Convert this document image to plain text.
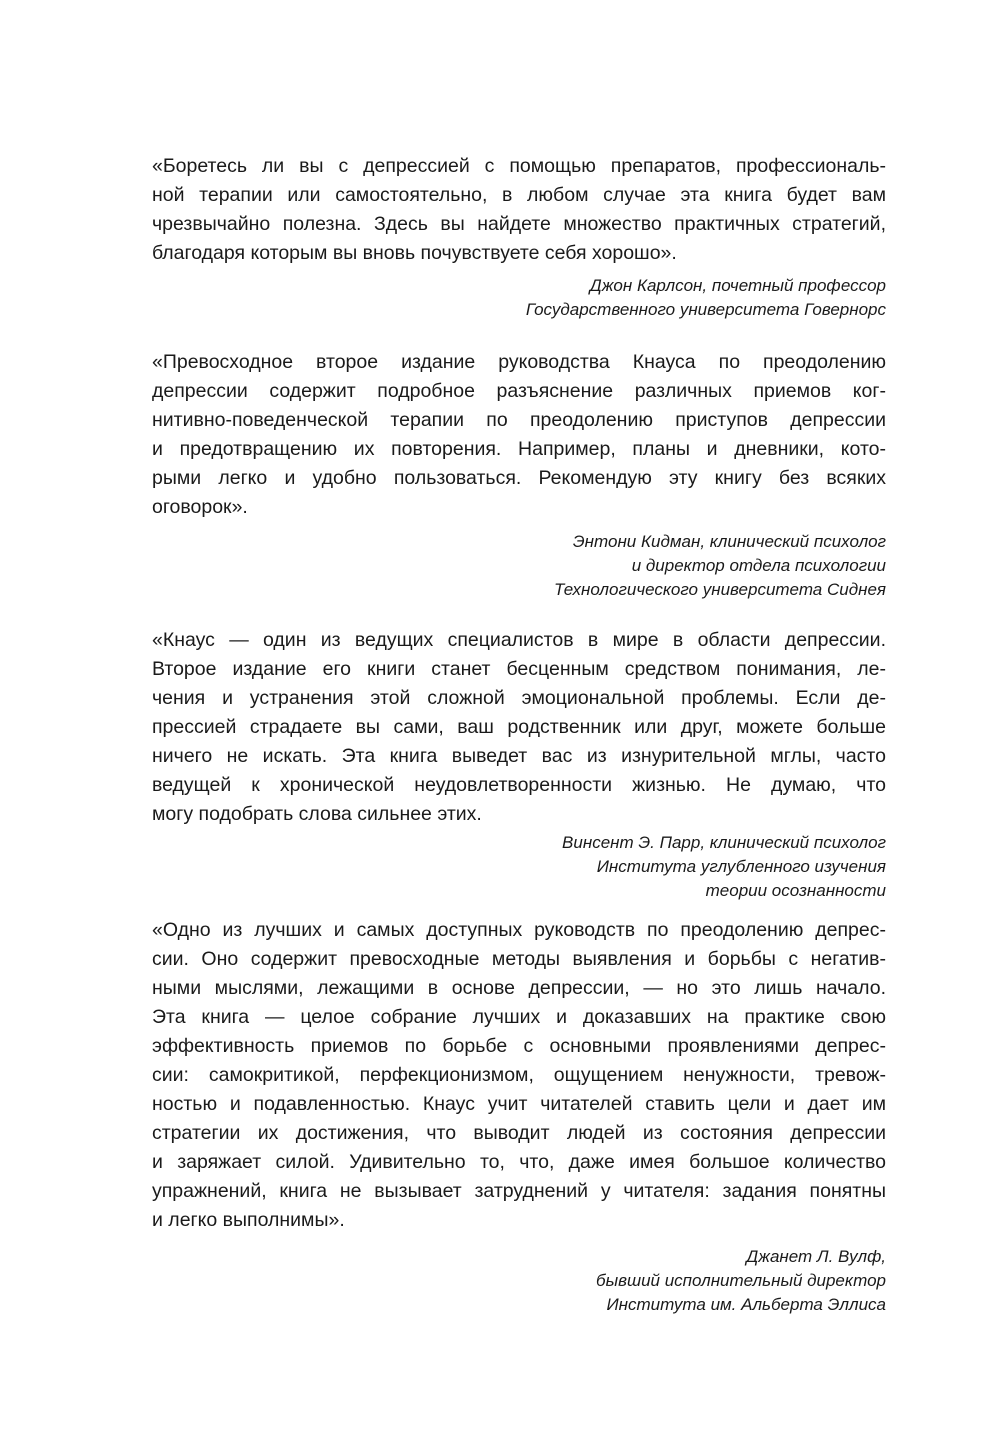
«Боретесь ли вы с депрессией с помощью препаратов, профессиональ-
ной терапии или самостоятельно, в любом случае эта книга будет вам
чрезвычайно полезна. Здесь вы найдете множество практичных стратегий,
благодаря которым вы вновь почувствуете себя хорошо».

Джон Карлсон, почетный профессор
Государственного университета Говернорс

«Превосходное второе издание руководства Кнауса по преодолению
депрессии содержит подробное разъяснение различных приемов ког-
нитивно-поведенческой терапии по преодолению приступов депрессии
и предотвращению их повторения. Например, планы и дневники, кото-
рыми легко и удобно пользоваться. Рекомендую эту книгу без всяких
оговорок».

Энтони Кидман, клинический психолог
и директор отдела психологии
Технологического университета Сиднея

«Кнаус — один из ведущих специалистов в мире в области депрессии.
Второе издание его книги станет бесценным средством понимания, ле-
чения и устранения этой сложной эмоциональной проблемы. Если де-
прессией страдаете вы сами, ваш родственник или друг, можете больше
ничего не искать. Эта книга выведет вас из изнурительной мглы, часто
ведущей к хронической неудовлетворенности жизнью. Не думаю, что
могу подобрать слова сильнее этих.

Винсент Э. Парр, клинический психолог
Института углубленного изучения
теории осознанности

«Одно из лучших и самых доступных руководств по преодолению депрес-
сии. Оно содержит превосходные методы выявления и борьбы с негатив-
ными мыслями, лежащими в основе депрессии, — но это лишь начало.
Эта книга — целое собрание лучших и доказавших на практике свою
эффективность приемов по борьбе с основными проявлениями депрес-
сии: самокритикой, перфекционизмом, ощущением ненужности, тревож-
ностью и подавленностью. Кнаус учит читателей ставить цели и дает им
стратегии их достижения, что выводит людей из состояния депрессии
и заряжает силой. Удивительно то, что, даже имея большое количество
упражнений, книга не вызывает затруднений у читателя: задания понятны
и легко выполнимы».

Джанет Л. Вулф,
бывший исполнительный директор
Института им. Альберта Эллиса
